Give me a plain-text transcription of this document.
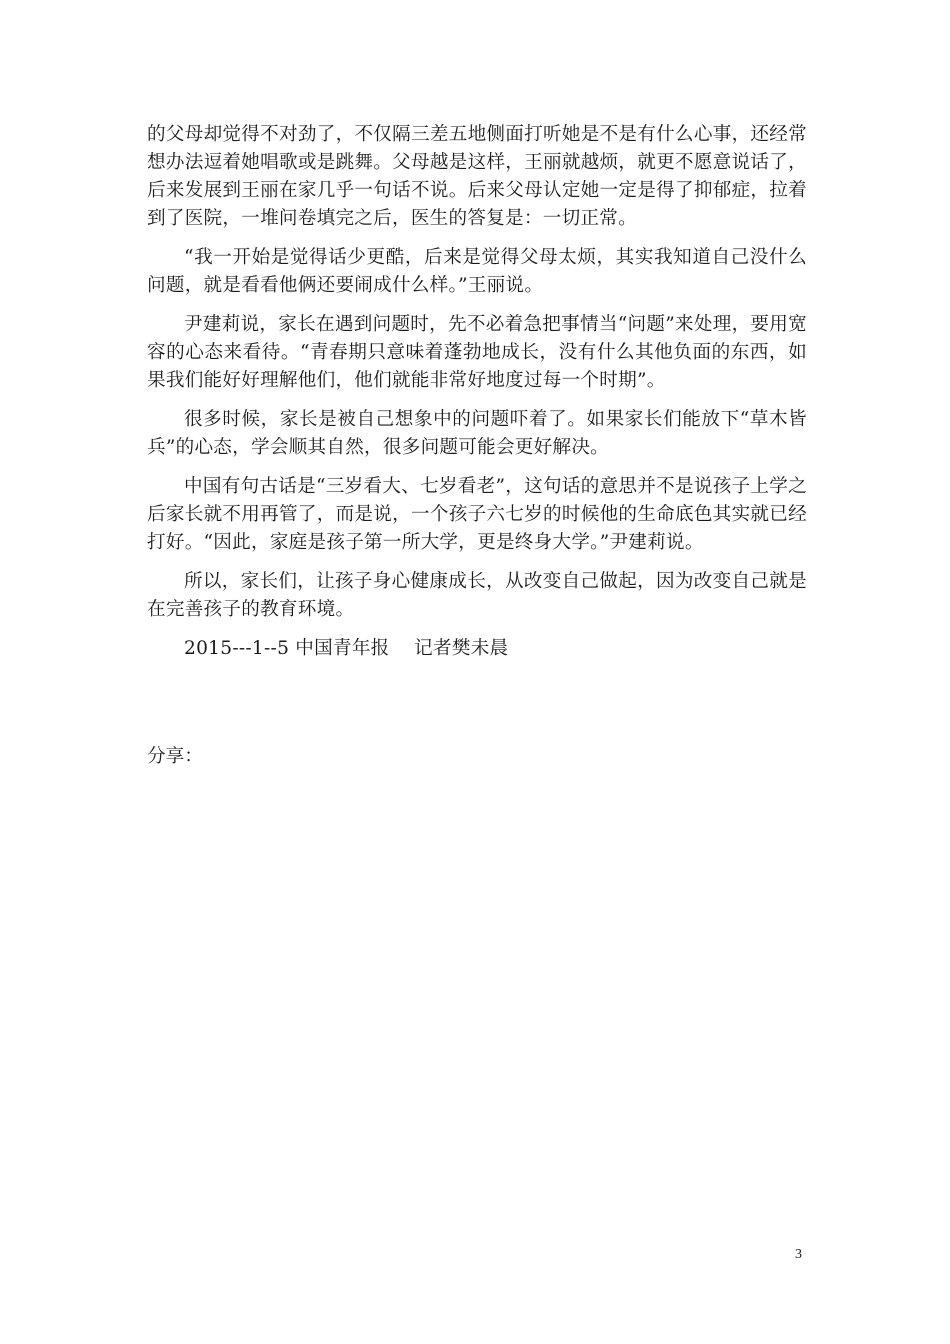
的父母却觉得不对劲了，不仅隔三差五地侧面打听她是不是有什么心事，还经常想办法逗着她唱歌或是跳舞。父母越是这样，王丽就越烦，就更不愿意说话了，后来发展到王丽在家几乎一句话不说。后来父母认定她一定是得了抑郁症，拉着到了医院，一堆问卷填完之后，医生的答复是：一切正常。

“我一开始是觉得话少更酷，后来是觉得父母太烦，其实我知道自己没什么问题，就是看看他俩还要闹成什么样。”王丽说。

尹建莉说，家长在遇到问题时，先不必着急把事情当“问题”来处理，要用宽容的心态来看待。“青春期只意味着蓬勃地成长，没有什么其他负面的东西，如果我们能好好理解他们，他们就能非常好地度过每一个时期”。

很多时候，家长是被自己想象中的问题吓着了。如果家长们能放下“草木皆兵”的心态，学会顺其自然，很多问题可能会更好解决。

中国有句古话是“三岁看大、七岁看老”，这句话的意思并不是说孩子上学之后家长就不用再管了，而是说，一个孩子六七岁的时候他的生命底色其实就已经打好。“因此，家庭是孩子第一所大学，更是终身大学。”尹建莉说。

所以，家长们，让孩子身心健康成长，从改变自己做起，因为改变自己就是在完善孩子的教育环境。

2015---1--5 中国青年报    记者樊未晨

分享：
3
